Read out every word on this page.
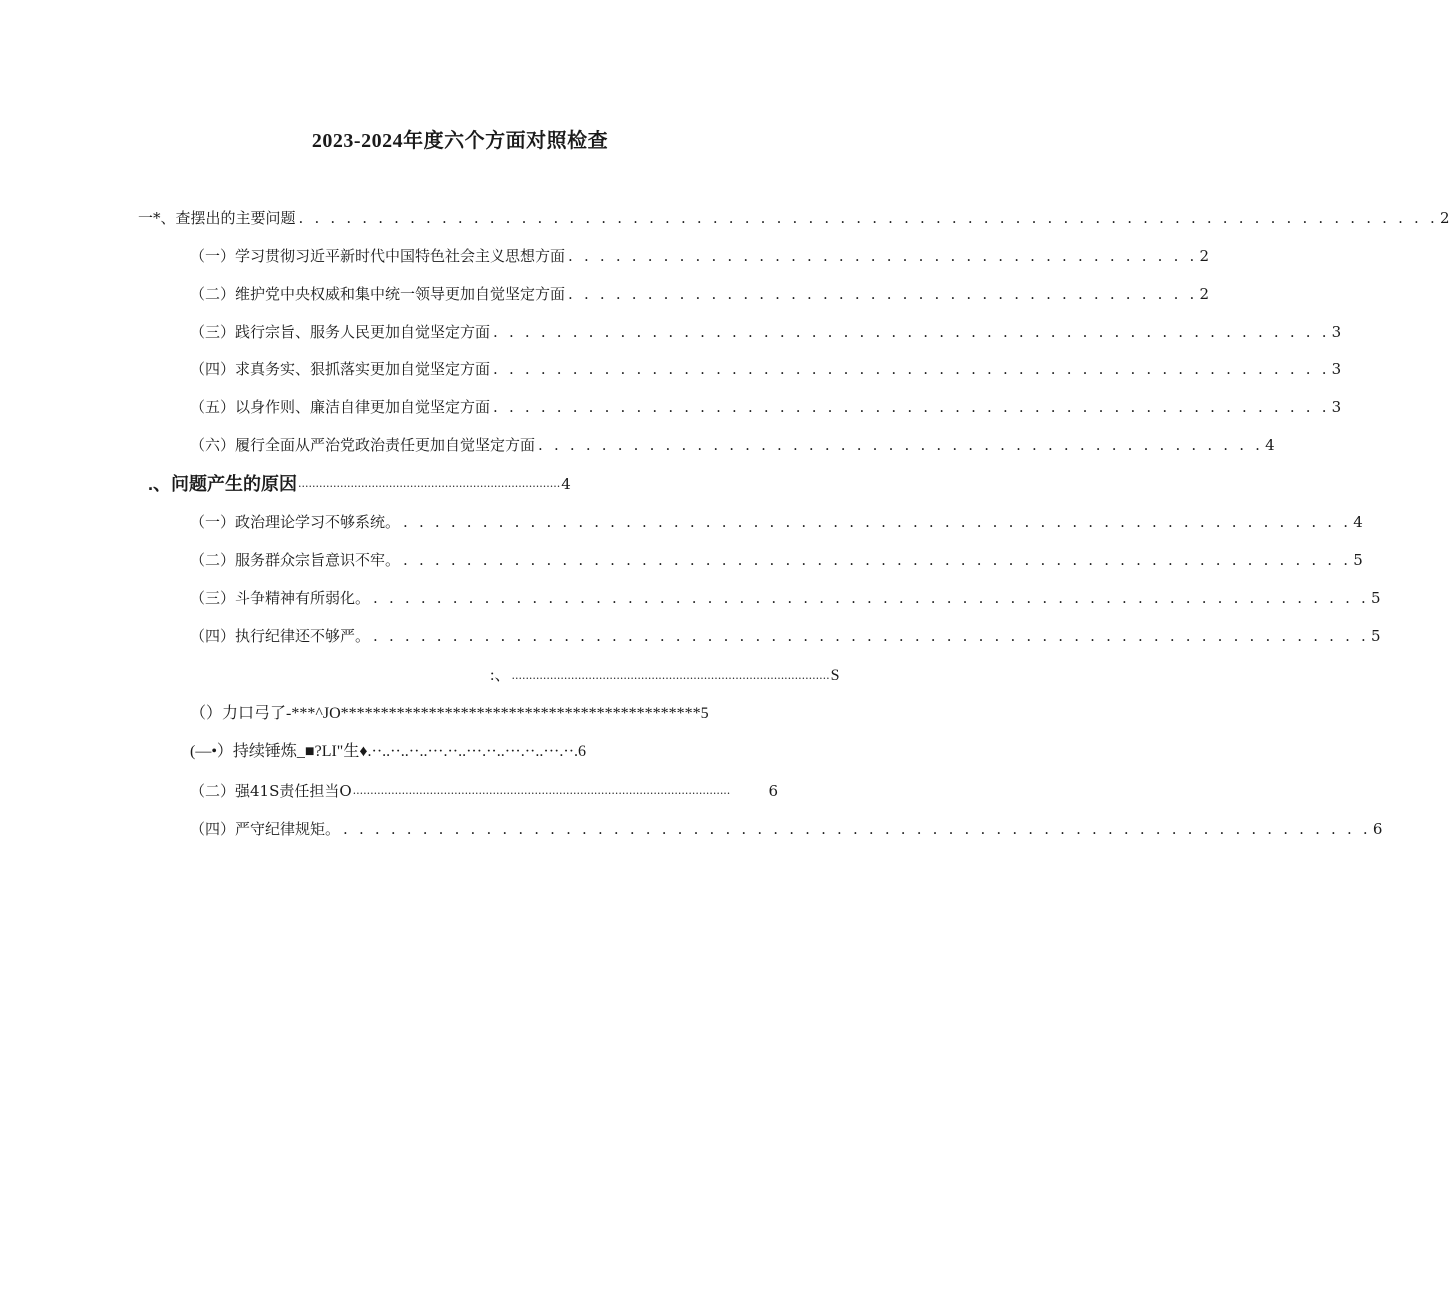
2023-2024年度六个方面对照检查
一*、查摆出的主要问题 . . . . . . . . . . . . . . . . . . . . . . . . . . . . . . . . . . . . . . . . . . . . . . . . . . . . . . . . . . . . . . . . . . . . . . . . 2
（一）学习贯彻习近平新时代中国特色社会主义思想方面 . . . . . . . . . . . . . . . . . . . . . . . . . . . . . . . . . . . . . . . . 2
（二）维护党中央权威和集中统一领导更加自觉坚定方面 . . . . . . . . . . . . . . . . . . . . . . . . . . . . . . . . . . . . . . . . 2
（三）践行宗旨、服务人民更加自觉坚定方面 . . . . . . . . . . . . . . . . . . . . . . . . . . . . . . . . . . . . . . . . . . . . . . . . . . . . . 3
（四）求真务实、狠抓落实更加自觉坚定方面 . . . . . . . . . . . . . . . . . . . . . . . . . . . . . . . . . . . . . . . . . . . . . . . . . . . . . 3
（五）以身作则、廉洁自律更加自觉坚定方面 . . . . . . . . . . . . . . . . . . . . . . . . . . . . . . . . . . . . . . . . . . . . . . . . . . . . . 3
（六）履行全面从严治党政治责任更加自觉坚定方面 . . . . . . . . . . . . . . . . . . . . . . . . . . . . . . . . . . . . . . . . . . . . . . 4
.、问题产生的原因 ........................................................................... 4
（一）政治理论学习不够系统。 . . . . . . . . . . . . . . . . . . . . . . . . . . . . . . . . . . . . . . . . . . . . . . . . . . . . . . . . . . . . 4
（二）服务群众宗旨意识不牢。 . . . . . . . . . . . . . . . . . . . . . . . . . . . . . . . . . . . . . . . . . . . . . . . . . . . . . . . . . . . . 5
（三）斗争精神有所弱化。 . . . . . . . . . . . . . . . . . . . . . . . . . . . . . . . . . . . . . . . . . . . . . . . . . . . . . . . . . . . . . . . 5
（四）执行纪律还不够严。 . . . . . . . . . . . . . . . . . . . . . . . . . . . . . . . . . . . . . . . . . . . . . . . . . . . . . . . . . . . . . . . 5
:、 ........................................................................................... S
（）力口弓了-***^JO*********************************************5
(—•）持续锤炼_■?LI"生♦.··..··..··..···.··..···.··..···.··..···.··.6
（二）强41S责任担当O ............................................................................................................	6
（四）严守纪律规矩。 . . . . . . . . . . . . . . . . . . . . . . . . . . . . . . . . . . . . . . . . . . . . . . . . . . . . . . . . . . . . . . . . . 6
